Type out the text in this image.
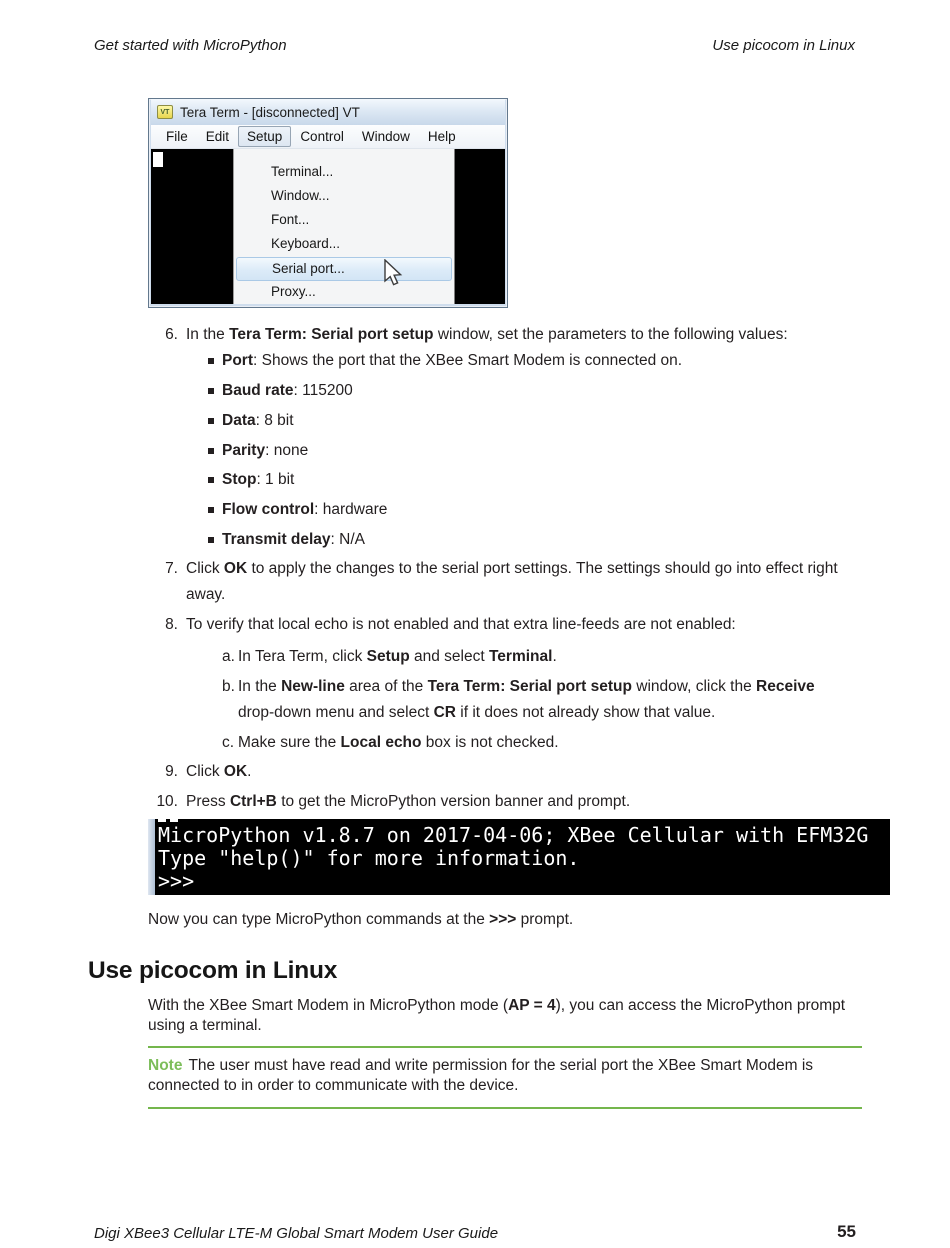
Get started with MicroPython	Use picocom in Linux
VT Tera Term - [disconnected] VT
File	Edit	Setup	Control	Window	Help
Terminal...
Window...
Font...
Keyboard...
Serial port...
Proxy...
6. In the Tera Term: Serial port setup window, set the parameters to the following values:
Port: Shows the port that the XBee Smart Modem is connected on.
Baud rate: 115200
Data: 8 bit
Parity: none
Stop: 1 bit
Flow control: hardware
Transmit delay: N/A
7. Click OK to apply the changes to the serial port settings. The settings should go into effect right away.
8. To verify that local echo is not enabled and that extra line-feeds are not enabled:
a. In Tera Term, click Setup and select Terminal.
b. In the New-line area of the Tera Term: Serial port setup window, click the Receive drop-down menu and select CR if it does not already show that value.
c. Make sure the Local echo box is not checked.
9. Click OK.
10. Press Ctrl+B to get the MicroPython version banner and prompt.
MicroPython v1.8.7 on 2017-04-06; XBee Cellular with EFM32G
Type "help()" for more information.
>>>
Now you can type MicroPython commands at the >>> prompt.
Use picocom in Linux
With the XBee Smart Modem in MicroPython mode (AP = 4), you can access the MicroPython prompt using a terminal.
Note The user must have read and write permission for the serial port the XBee Smart Modem is connected to in order to communicate with the device.
Digi XBee3 Cellular LTE-M Global Smart Modem User Guide	55
